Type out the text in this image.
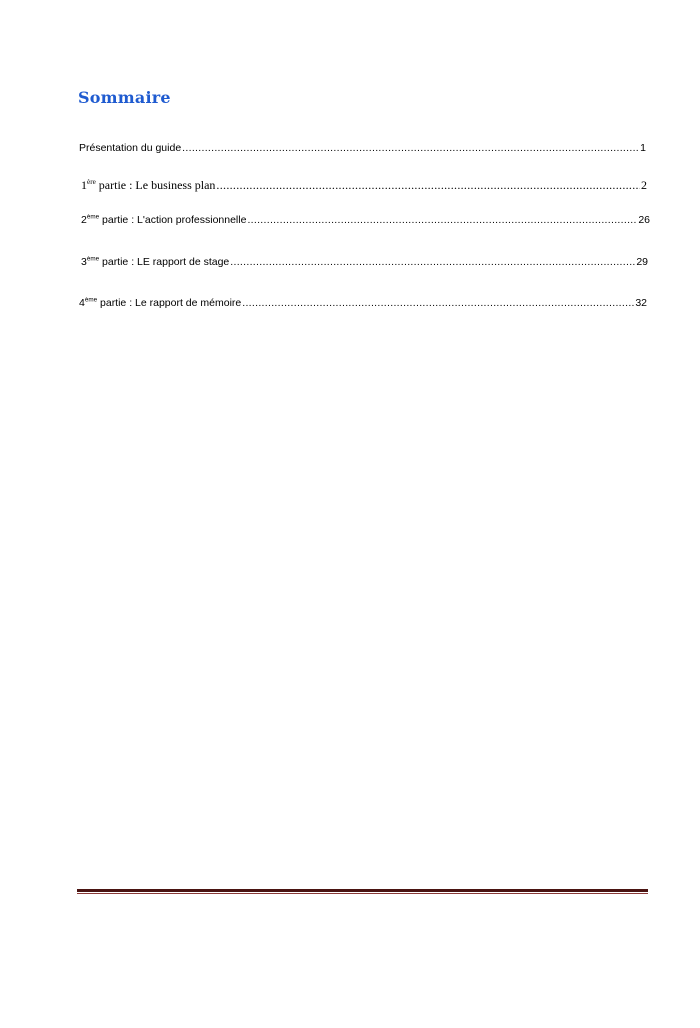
Sommaire
Présentation du guide .....	1
1ère partie : Le business plan .....	2
2ème partie : L'action professionnelle .....	26
3ème partie : LE rapport de stage .....	29
4ème partie : Le rapport de mémoire .....	32
